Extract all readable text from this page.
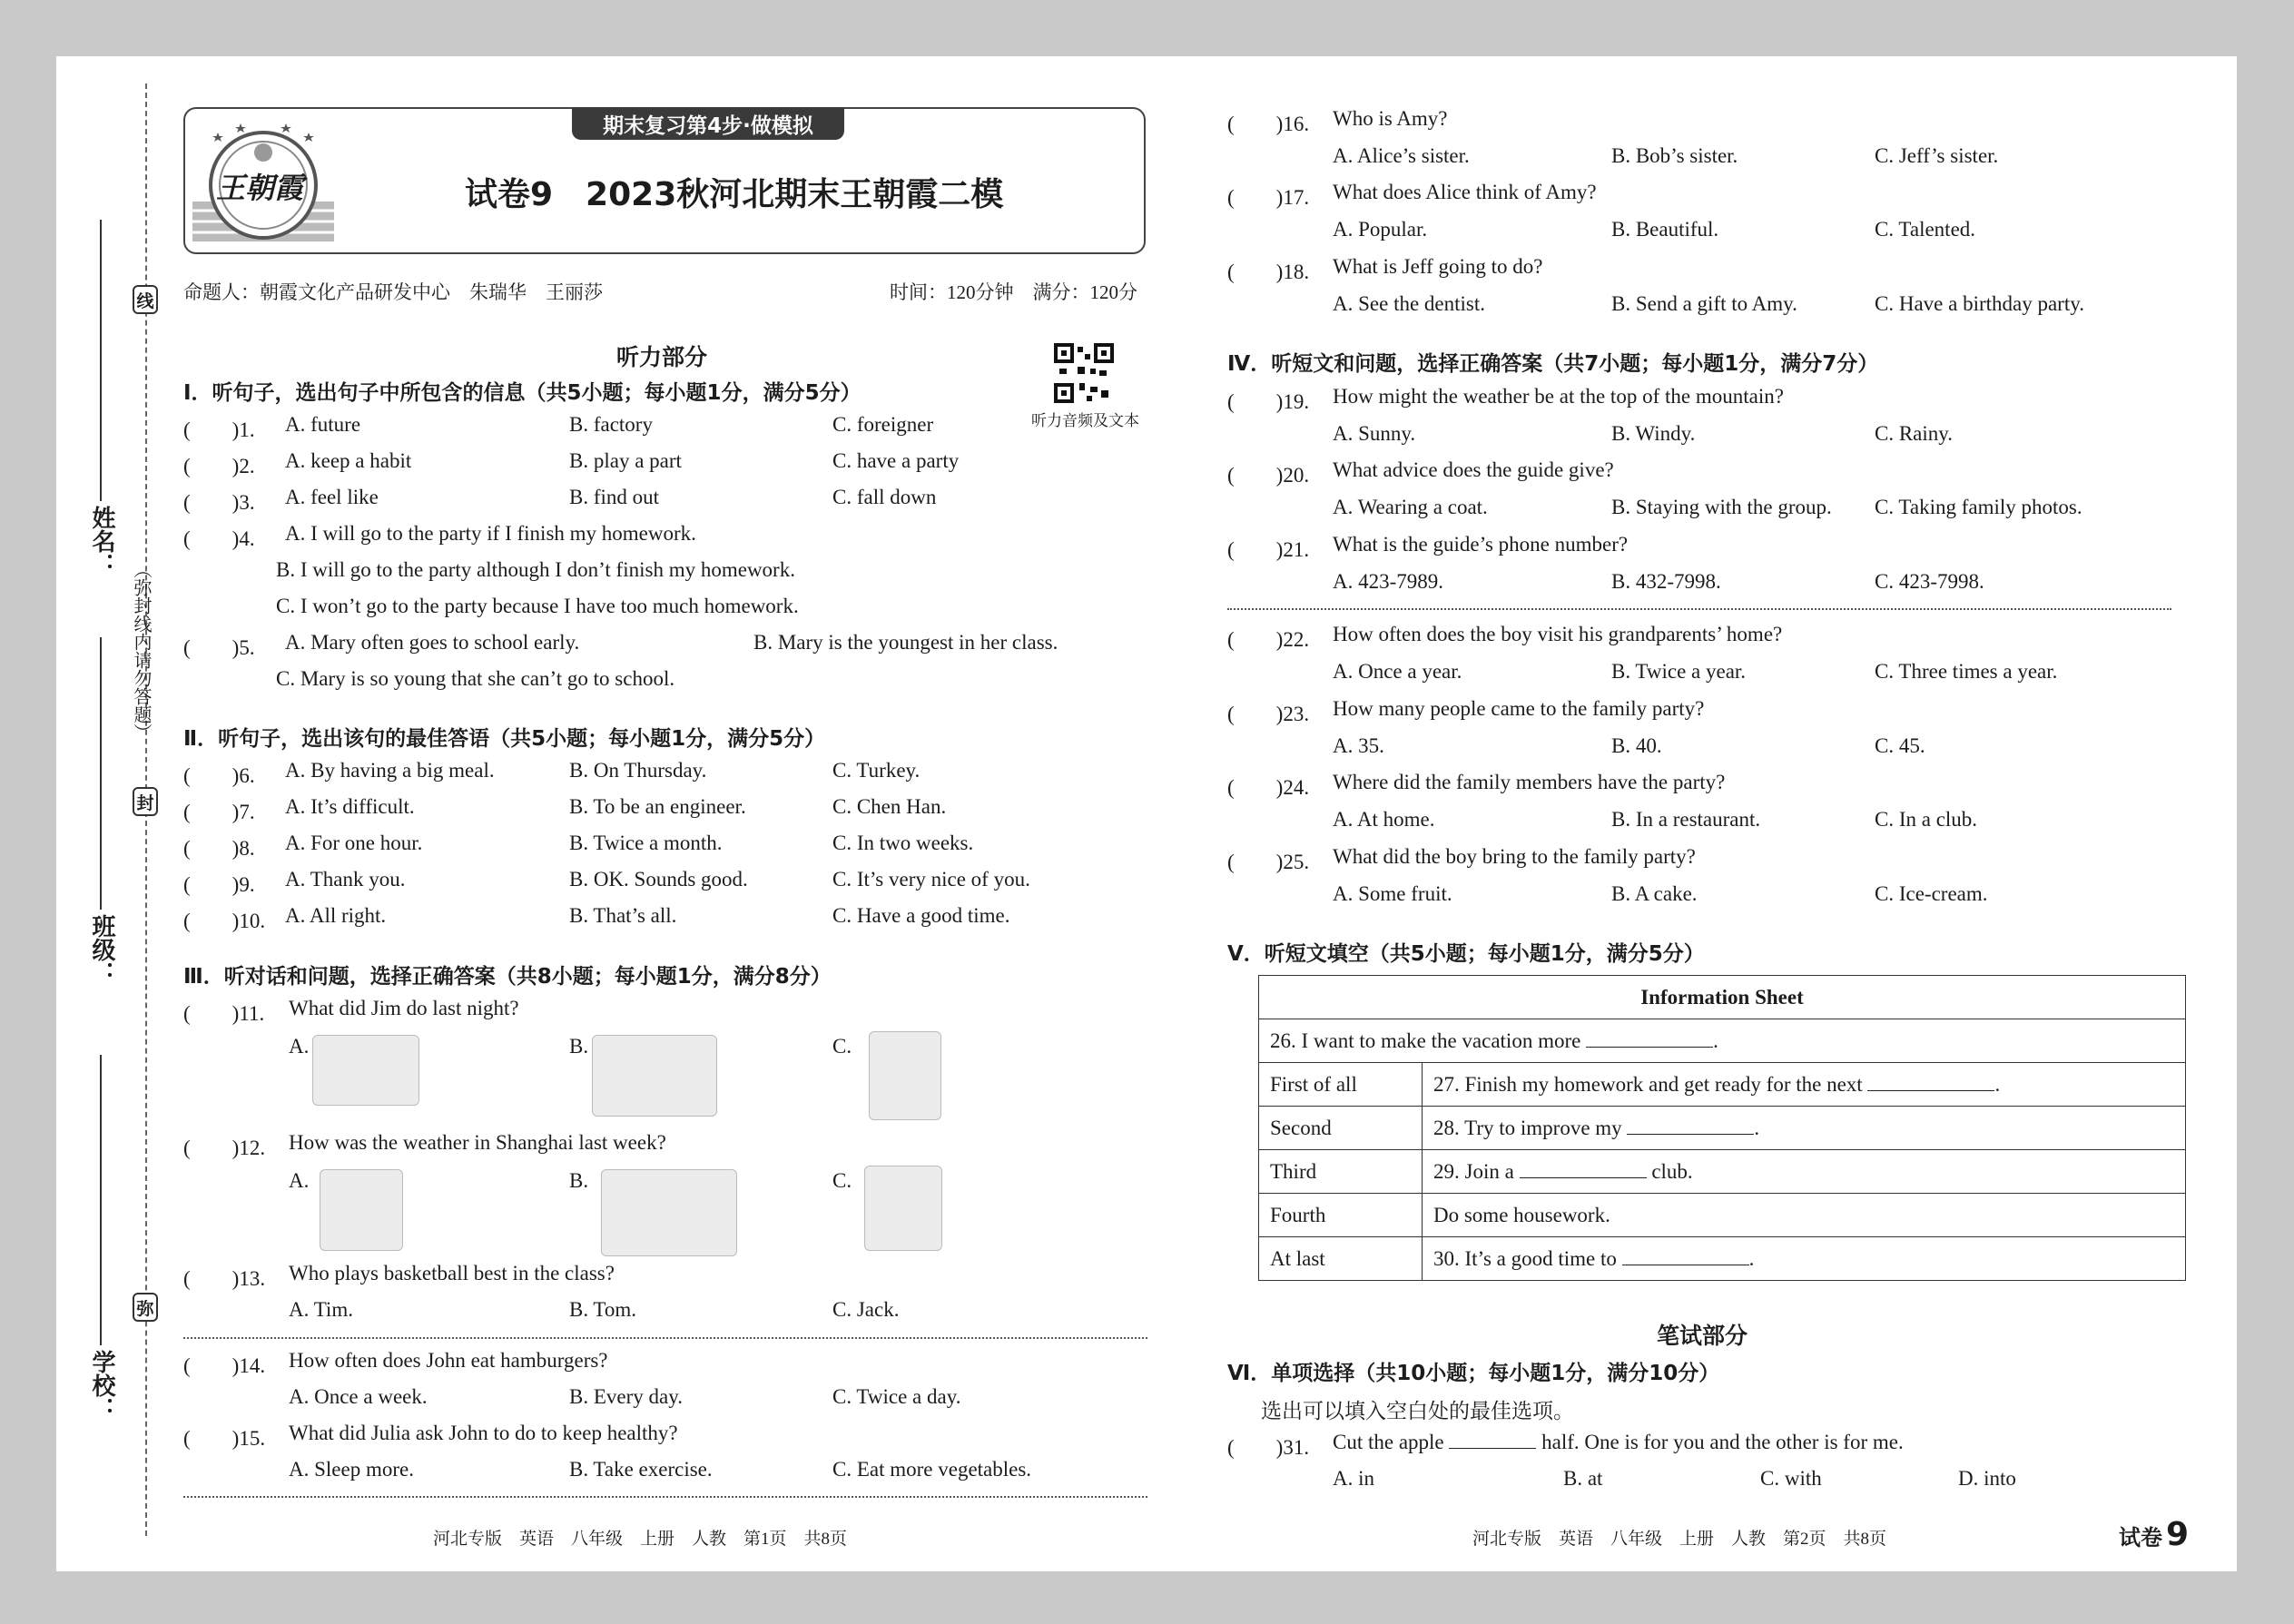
线
封
弥
（弥封线内请勿答题）
姓名：
班级：
学校：
期末复习第4步·做模拟
王朝霞	试卷9　2023秋河北期末王朝霞二模
命题人：朝霞文化产品研发中心　朱瑞华　王丽莎	时间：120分钟　满分：120分
听力部分
听力音频及文本
Ⅰ．听句子，选出句子中所包含的信息（共5小题；每小题1分，满分5分）
(　　)1. A. future	B. factory	C. foreigner
(　　)2. A. keep a habit	B. play a part	C. have a party
(　　)3. A. feel like	B. find out	C. fall down
(　　)4. A. I will go to the party if I finish my homework.
B. I will go to the party although I don’t finish my homework.
C. I won’t go to the party because I have too much homework.
(　　)5. A. Mary often goes to school early.	B. Mary is the youngest in her class.
C. Mary is so young that she can’t go to school.
Ⅱ．听句子，选出该句的最佳答语（共5小题；每小题1分，满分5分）
(　　)6. A. By having a big meal.	B. On Thursday.	C. Turkey.
(　　)7. A. It’s difficult.	B. To be an engineer.	C. Chen Han.
(　　)8. A. For one hour.	B. Twice a month.	C. In two weeks.
(　　)9. A. Thank you.	B. OK. Sounds good.	C. It’s very nice of you.
(　　)10. A. All right.	B. That’s all.	C. Have a good time.
Ⅲ．听对话和问题，选择正确答案（共8小题；每小题1分，满分8分）
(　　)11. What did Jim do last night?
A.	B.	C.
(　　)12. How was the weather in Shanghai last week?
A.	B.	C.
(　　)13. Who plays basketball best in the class?
A. Tim.	B. Tom.	C. Jack.
(　　)14. How often does John eat hamburgers?
A. Once a week.	B. Every day.	C. Twice a day.
(　　)15. What did Julia ask John to do to keep healthy?
A. Sleep more.	B. Take exercise.	C. Eat more vegetables.
河北专版　英语　八年级　上册　人教　第1页　共8页
(　　)16. Who is Amy?
A. Alice’s sister.	B. Bob’s sister.	C. Jeff’s sister.
(　　)17. What does Alice think of Amy?
A. Popular.	B. Beautiful.	C. Talented.
(　　)18. What is Jeff going to do?
A. See the dentist.	B. Send a gift to Amy.	C. Have a birthday party.
Ⅳ．听短文和问题，选择正确答案（共7小题；每小题1分，满分7分）
(　　)19. How might the weather be at the top of the mountain?
A. Sunny.	B. Windy.	C. Rainy.
(　　)20. What advice does the guide give?
A. Wearing a coat.	B. Staying with the group. C. Taking family photos.
(　　)21. What is the guide’s phone number?
A. 423-7989.	B. 432-7998.	C. 423-7998.
(　　)22. How often does the boy visit his grandparents’ home?
A. Once a year.	B. Twice a year.	C. Three times a year.
(　　)23. How many people came to the family party?
A. 35.	B. 40.	C. 45.
(　　)24. Where did the family members have the party?
A. At home.	B. In a restaurant.	C. In a club.
(　　)25. What did the boy bring to the family party?
A. Some fruit.	B. A cake.	C. Ice-cream.
Ⅴ．听短文填空（共5小题；每小题1分，满分5分）
Information Sheet	
26. I want to make the vacation more .	
First of all	27. Finish my homework and get ready for the next .
Second	28. Try to improve my .
Third	29. Join a club.
Fourth	Do some housework.
At last	30. It’s a good time to .
笔试部分
Ⅵ．单项选择（共10小题；每小题1分，满分10分）
选出可以填入空白处的最佳选项。
(　　)31. Cut the apple	half. One is for you and the other is for me.
A. in	B. at	C. with	D. into
河北专版　英语　八年级　上册　人教　第2页　共8页	试卷 9
